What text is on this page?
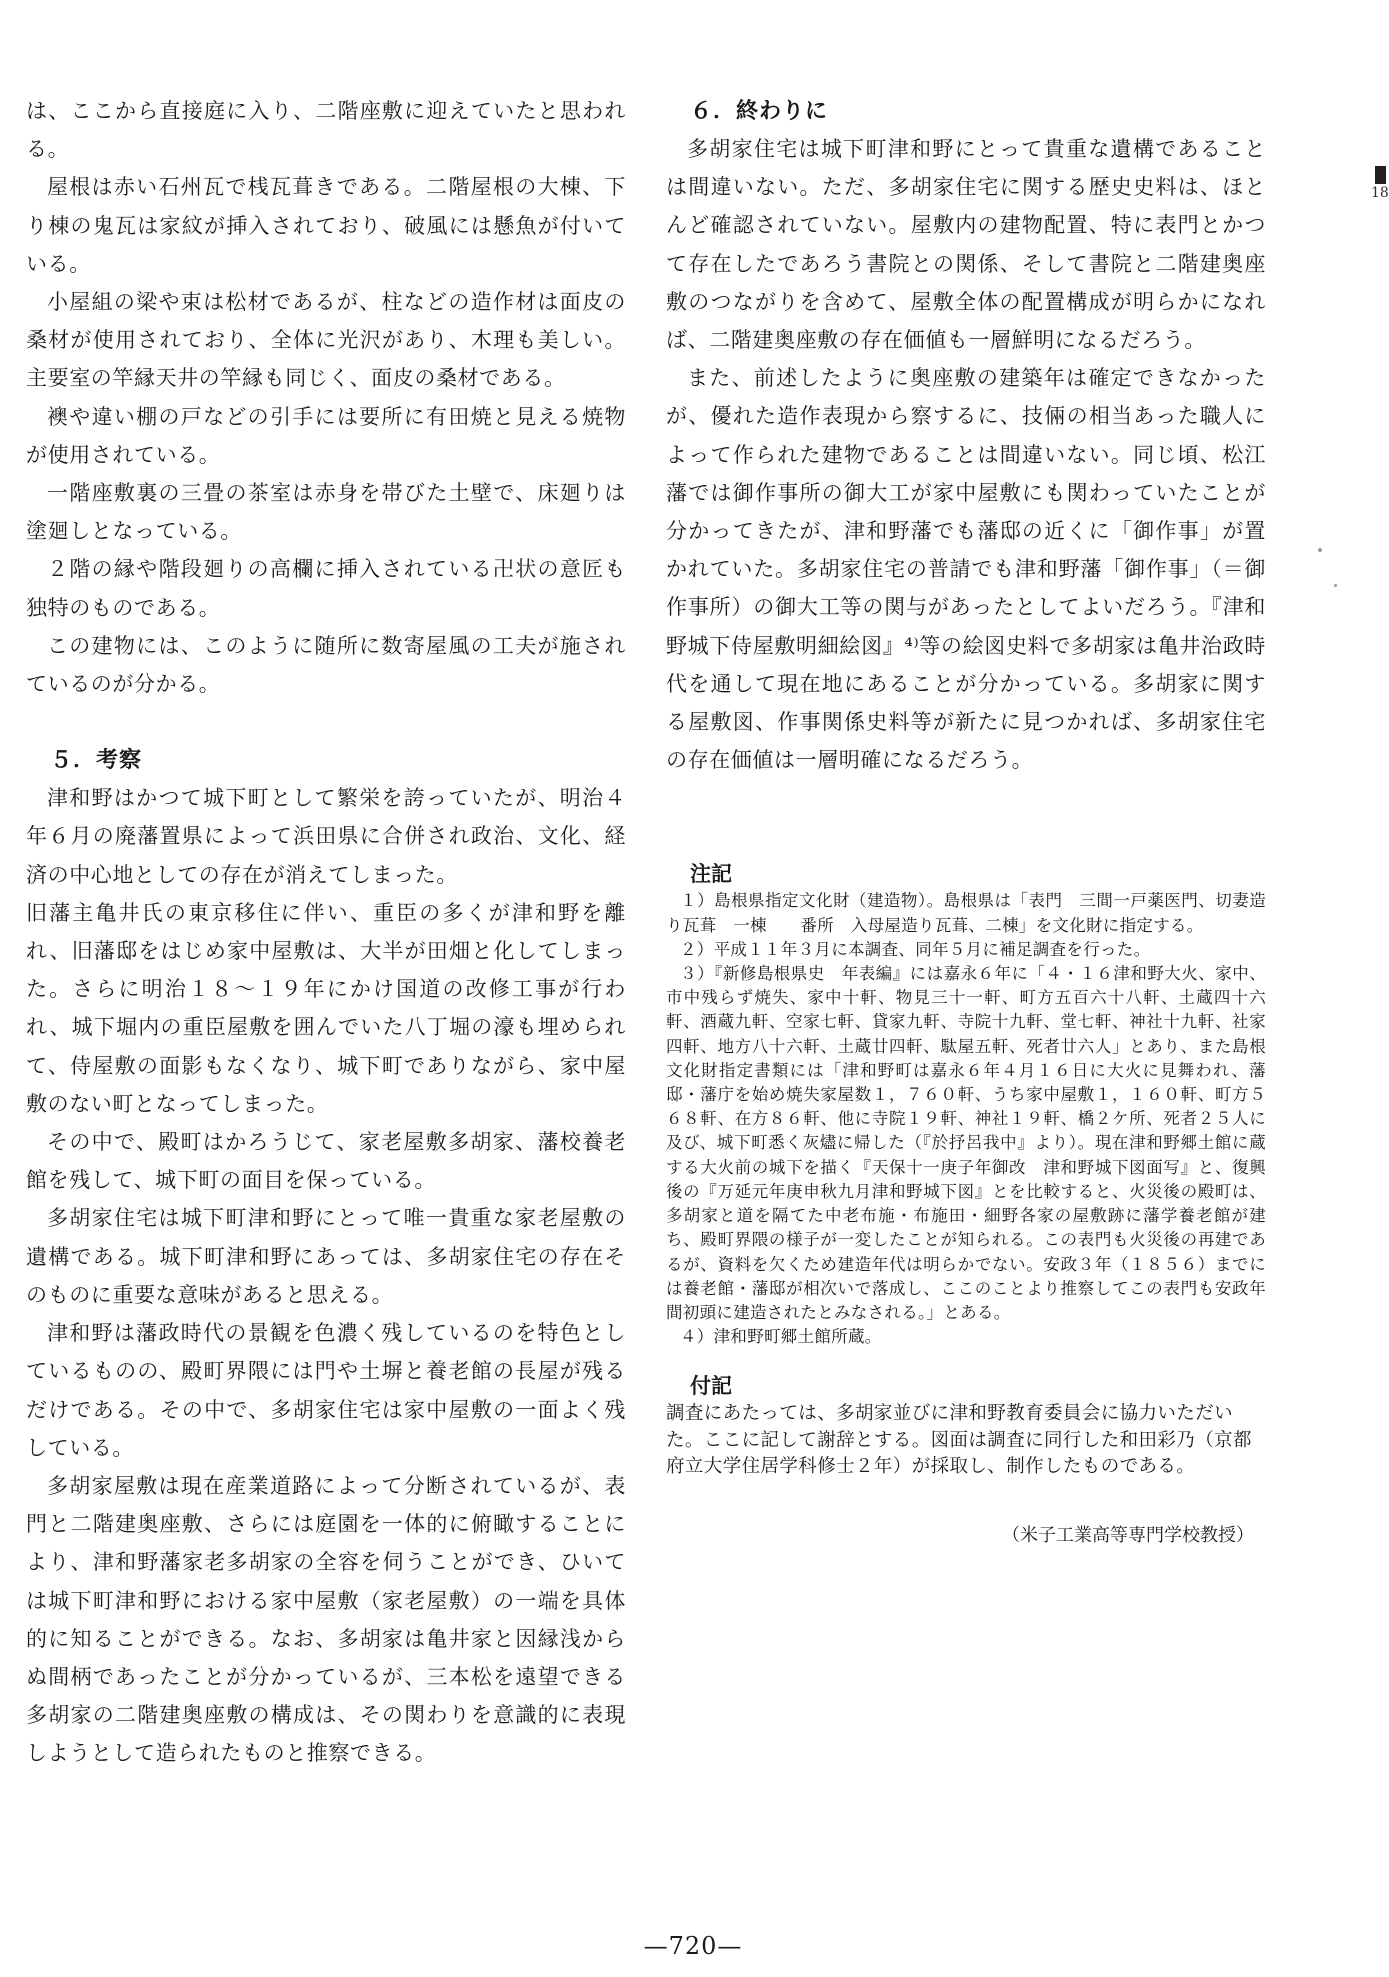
は、ここから直接庭に入り、二階座敷に迎えていたと思われる。

屋根は赤い石州瓦で桟瓦葺きである。二階屋根の大棟、下り棟の鬼瓦は家紋が挿入されており、破風には懸魚が付いている。

小屋組の梁や束は松材であるが、柱などの造作材は面皮の桑材が使用されており、全体に光沢があり、木理も美しい。主要室の竿縁天井の竿縁も同じく、面皮の桑材である。

襖や違い棚の戸などの引手には要所に有田焼と見える焼物が使用されている。

一階座敷裏の三畳の茶室は赤身を帯びた土壁で、床廻りは塗廻しとなっている。

２階の縁や階段廻りの高欄に挿入されている卍状の意匠も独特のものである。

この建物には、このように随所に数寄屋風の工夫が施されているのが分かる。

５．考察

津和野はかつて城下町として繁栄を誇っていたが、明治４年６月の廃藩置県によって浜田県に合併され政治、文化、経済の中心地としての存在が消えてしまった。

旧藩主亀井氏の東京移住に伴い、重臣の多くが津和野を離れ、旧藩邸をはじめ家中屋敷は、大半が田畑と化してしまった。さらに明治１８～１９年にかけ国道の改修工事が行われ、城下堀内の重臣屋敷を囲んでいた八丁堀の濠も埋められて、侍屋敷の面影もなくなり、城下町でありながら、家中屋敷のない町となってしまった。

その中で、殿町はかろうじて、家老屋敷多胡家、藩校養老館を残して、城下町の面目を保っている。

多胡家住宅は城下町津和野にとって唯一貴重な家老屋敷の遺構である。城下町津和野にあっては、多胡家住宅の存在そのものに重要な意味があると思える。

津和野は藩政時代の景観を色濃く残しているのを特色としているものの、殿町界隈には門や土塀と養老館の長屋が残るだけである。その中で、多胡家住宅は家中屋敷の一面よく残している。

多胡家屋敷は現在産業道路によって分断されているが、表門と二階建奥座敷、さらには庭園を一体的に俯瞰することにより、津和野藩家老多胡家の全容を伺うことができ、ひいては城下町津和野における家中屋敷（家老屋敷）の一端を具体的に知ることができる。なお、多胡家は亀井家と因縁浅からぬ間柄であったことが分かっているが、三本松を遠望できる多胡家の二階建奥座敷の構成は、その関わりを意識的に表現しようとして造られたものと推察できる。

６．終わりに

多胡家住宅は城下町津和野にとって貴重な遺構であることは間違いない。ただ、多胡家住宅に関する歴史史料は、ほとんど確認されていない。屋敷内の建物配置、特に表門とかつて存在したであろう書院との関係、そして書院と二階建奥座敷のつながりを含めて、屋敷全体の配置構成が明らかになれば、二階建奥座敷の存在価値も一層鮮明になるだろう。

また、前述したように奥座敷の建築年は確定できなかったが、優れた造作表現から察するに、技倆の相当あった職人によって作られた建物であることは間違いない。同じ頃、松江藩では御作事所の御大工が家中屋敷にも関わっていたことが分かってきたが、津和野藩でも藩邸の近くに「御作事」が置かれていた。多胡家住宅の普請でも津和野藩「御作事」（＝御作事所）の御大工等の関与があったとしてよいだろう。『津和野城下侍屋敷明細絵図』⁴⁾等の絵図史料で多胡家は亀井治政時代を通して現在地にあることが分かっている。多胡家に関する屋敷図、作事関係史料等が新たに見つかれば、多胡家住宅の存在価値は一層明確になるだろう。

注記

１）島根県指定文化財（建造物）。島根県は「表門　三間一戸薬医門、切妻造り瓦葺　一棟　　番所　入母屋造り瓦葺、二棟」を文化財に指定する。

２）平成１１年３月に本調査、同年５月に補足調査を行った。

３）『新修島根県史　年表編』には嘉永６年に「４・１６津和野大火、家中、市中残らず焼失、家中十軒、物見三十一軒、町方五百六十八軒、土蔵四十六軒、酒蔵九軒、空家七軒、貸家九軒、寺院十九軒、堂七軒、神社十九軒、社家四軒、地方八十六軒、土蔵廿四軒、駄屋五軒、死者廿六人」とあり、また島根文化財指定書類には「津和野町は嘉永６年４月１６日に大火に見舞われ、藩邸・藩庁を始め焼失家屋数１，７６０軒、うち家中屋敷１，１６０軒、町方５６８軒、在方８６軒、他に寺院１９軒、神社１９軒、橋２ケ所、死者２５人に及び、城下町悉く灰燼に帰した（『於抒呂我中』より）。現在津和野郷土館に蔵する大火前の城下を描く『天保十一庚子年御改　津和野城下図面写』と、復興後の『万延元年庚申秋九月津和野城下図』とを比較すると、火災後の殿町は、多胡家と道を隔てた中老布施・布施田・細野各家の屋敷跡に藩学養老館が建ち、殿町界隈の様子が一変したことが知られる。この表門も火災後の再建であるが、資料を欠くため建造年代は明らかでない。安政３年（１８５６）までには養老館・藩邸が相次いで落成し、ここのことより推察してこの表門も安政年間初頭に建造されたとみなされる。」とある。

４）津和野町郷土館所蔵。

付記

調査にあたっては、多胡家並びに津和野教育委員会に協力いただいた。ここに記して謝辞とする。図面は調査に同行した和田彩乃（京都府立大学住居学科修士２年）が採取し、制作したものである。

（米子工業高等専門学校教授）

18
—720—
